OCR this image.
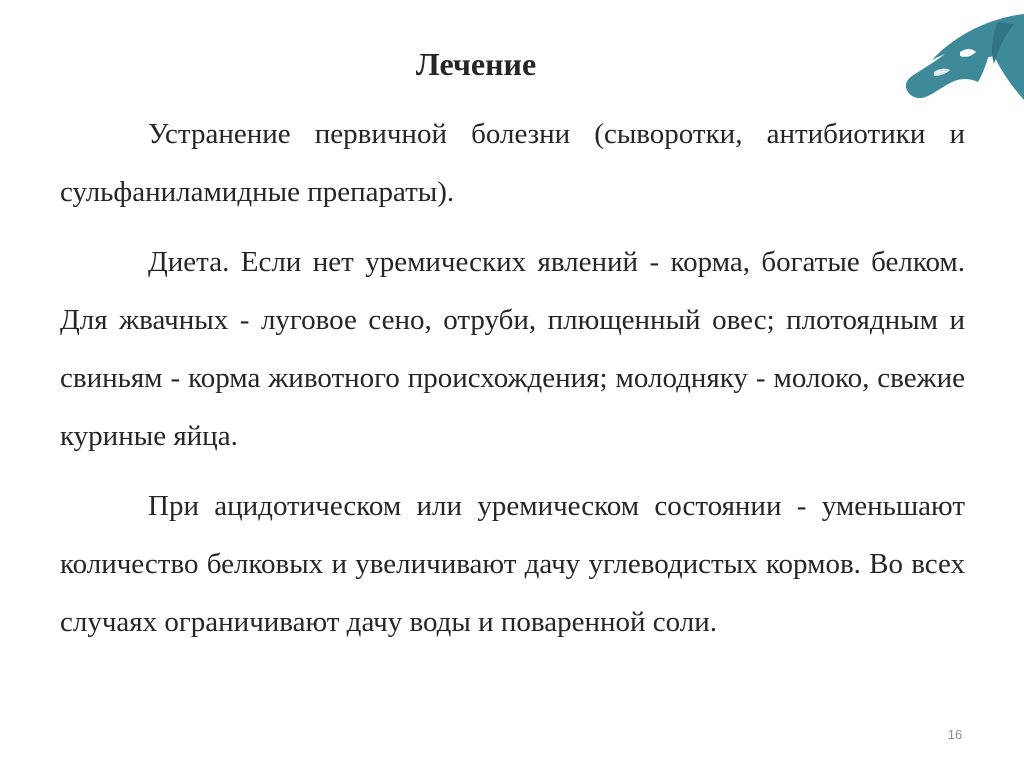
Лечение

Устранение первичной болезни (сыворотки, антибиотики и сульфаниламидные препараты).

Диета. Если нет уремических явлений - корма, богатые белком. Для жвачных - луговое сено, отруби, плющенный овес; плотоядным и свиньям - корма животного происхождения; молодняку - молоко, свежие куриные яйца.

При ацидотическом или уремическом состоянии - уменьшают количество белковых и увеличивают дачу углеводистых кормов. Во всех случаях ограничивают дачу воды и поваренной соли.

16
